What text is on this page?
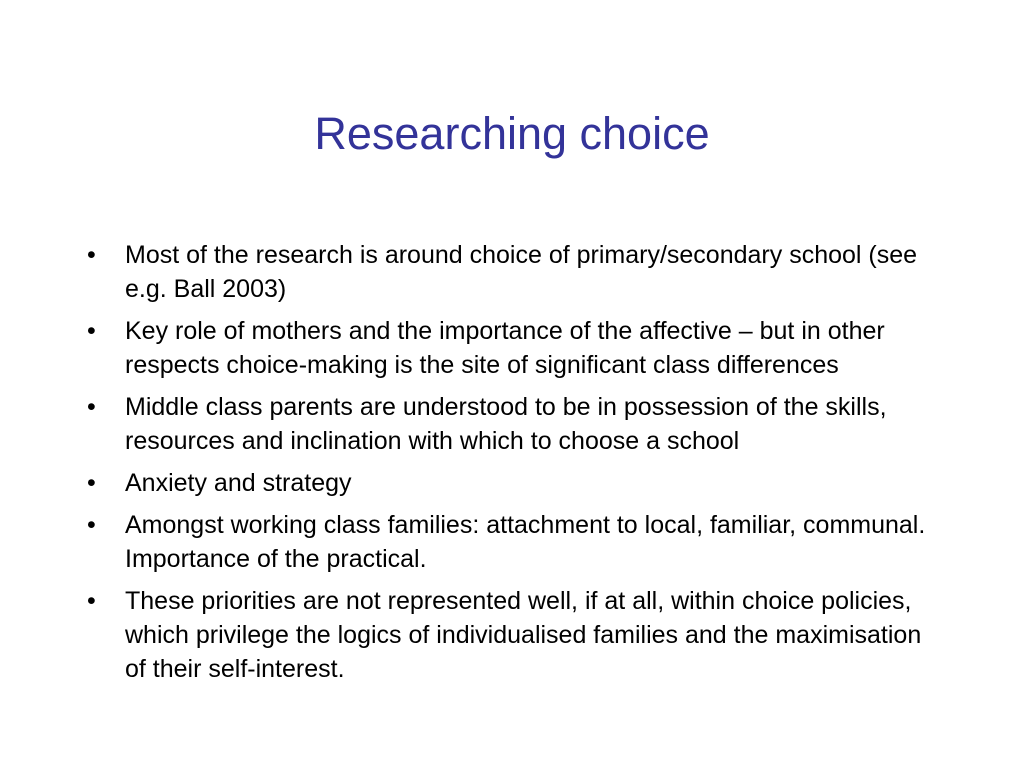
Researching choice
•	Most of the research is around choice of primary/secondary school (see e.g. Ball 2003)
•	Key role of mothers and the importance of the affective – but in other respects choice-making is the site of significant class differences
•	Middle class parents are understood to be in possession of the skills, resources and inclination with which to choose a school
•	Anxiety and strategy
•	Amongst working class families: attachment to local, familiar, communal. Importance of the practical.
•	These priorities are not represented well, if at all, within choice policies, which privilege the logics of individualised families and the maximisation of their self-interest.
